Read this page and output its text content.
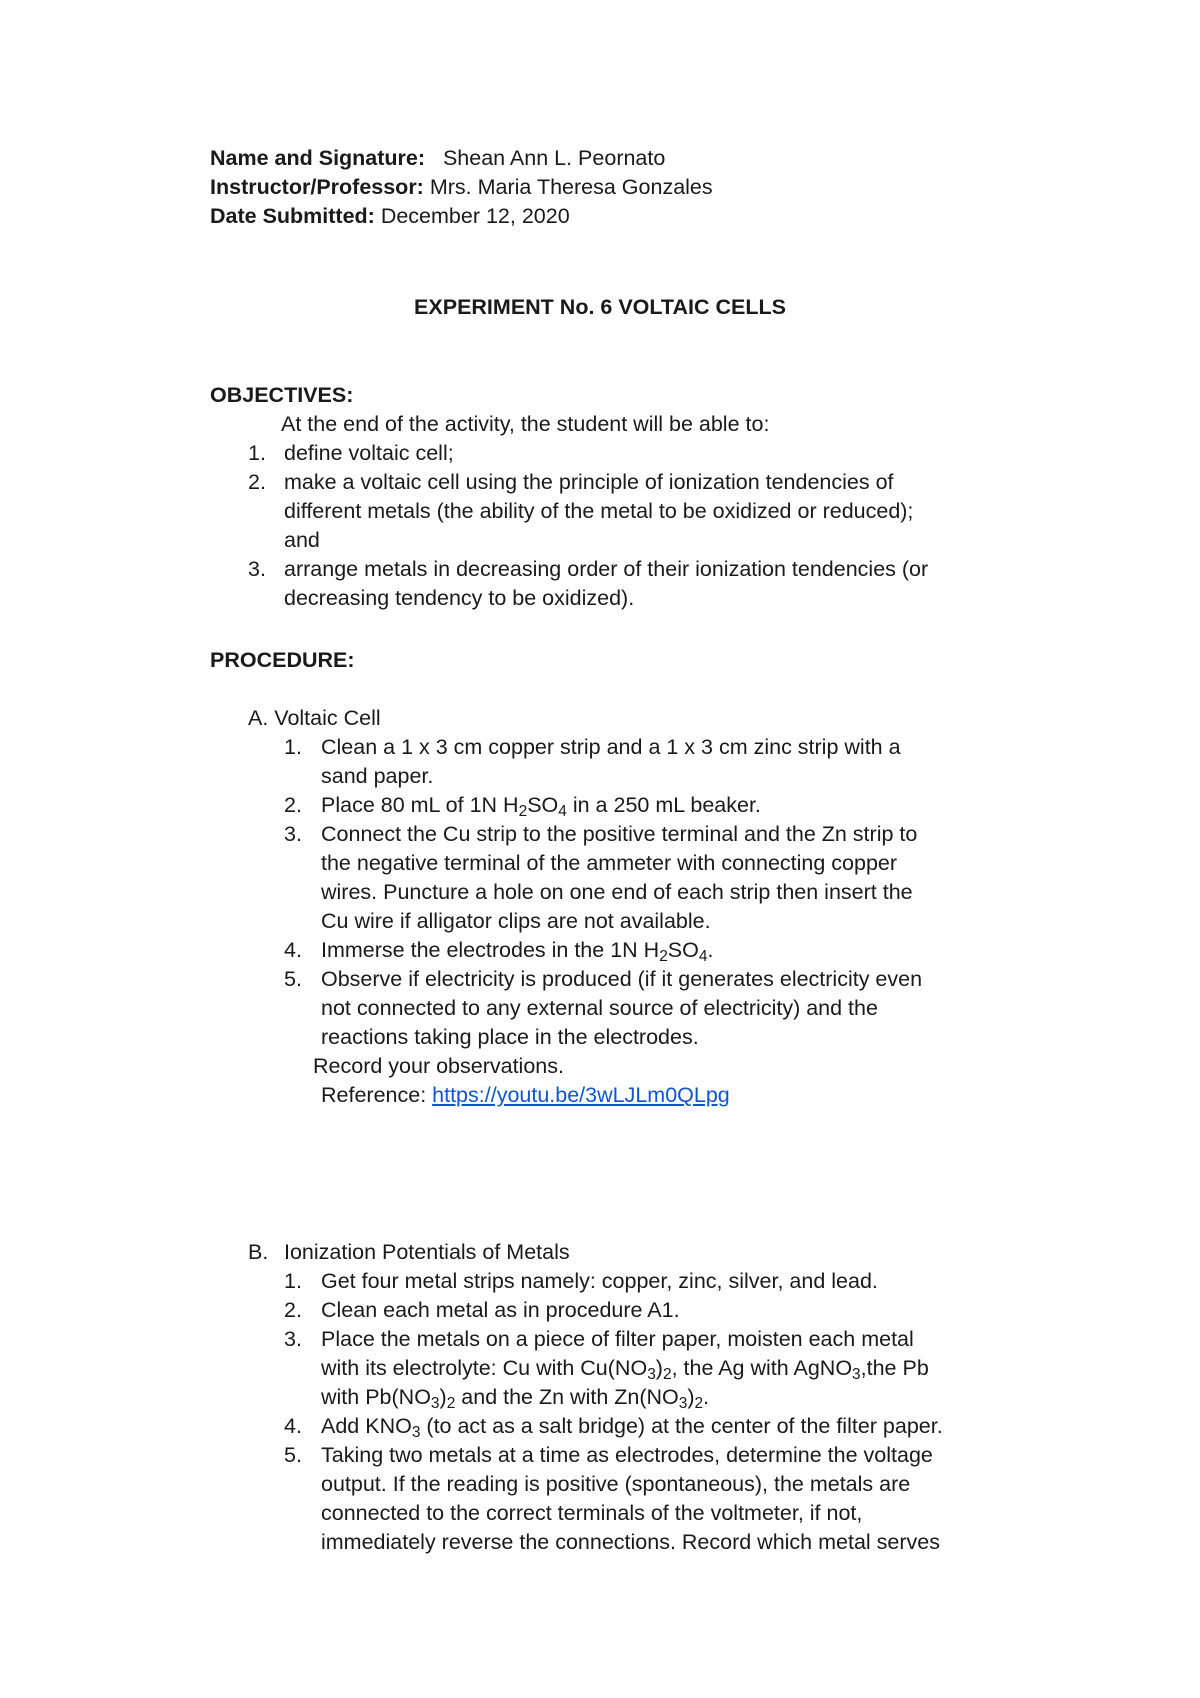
Name and Signature: Shean Ann L. Peornato
Instructor/Professor: Mrs. Maria Theresa Gonzales
Date Submitted: December 12, 2020
EXPERIMENT No. 6 VOLTAIC CELLS
OBJECTIVES:
At the end of the activity, the student will be able to:
1. define voltaic cell;
2. make a voltaic cell using the principle of ionization tendencies of
different metals (the ability of the metal to be oxidized or reduced);
and
3. arrange metals in decreasing order of their ionization tendencies (or
decreasing tendency to be oxidized).
PROCEDURE:
A. Voltaic Cell
1. Clean a 1 x 3 cm copper strip and a 1 x 3 cm zinc strip with a
sand paper.
2. Place 80 mL of 1N $H_2SO_4$ in a 250 mL beaker.
3. Connect the Cu strip to the positive terminal and the Zn strip to
the negative terminal of the ammeter with connecting copper
wires. Puncture a hole on one end of each strip then insert the
Cu wire if alligator clips are not available.
4. Immerse the electrodes in the 1N $H_2SO_4$.
5. Observe if electricity is produced (if it generates electricity even
not connected to any external source of electricity) and the
reactions taking place in the electrodes.
Record your observations.
Reference: https://youtu.be/3wLJLm0QLpg
B. Ionization Potentials of Metals
1. Get four metal strips namely: copper, zinc, silver, and lead.
2. Clean each metal as in procedure A1.
3. Place the metals on a piece of filter paper, moisten each metal
with its electrolyte: Cu with $Cu(NO_3)_2$, the Ag with AgNO$_3$,the Pb
with $Pb(NO_3)_2$ and the Zn with $Zn(NO_3)_2$.
4. Add $KNO_3$ (to act as a salt bridge) at the center of the filter paper.
5. Taking two metals at a time as electrodes, determine the voltage
output. If the reading is positive (spontaneous), the metals are
connected to the correct terminals of the voltmeter, if not,
immediately reverse the connections. Record which metal serves
